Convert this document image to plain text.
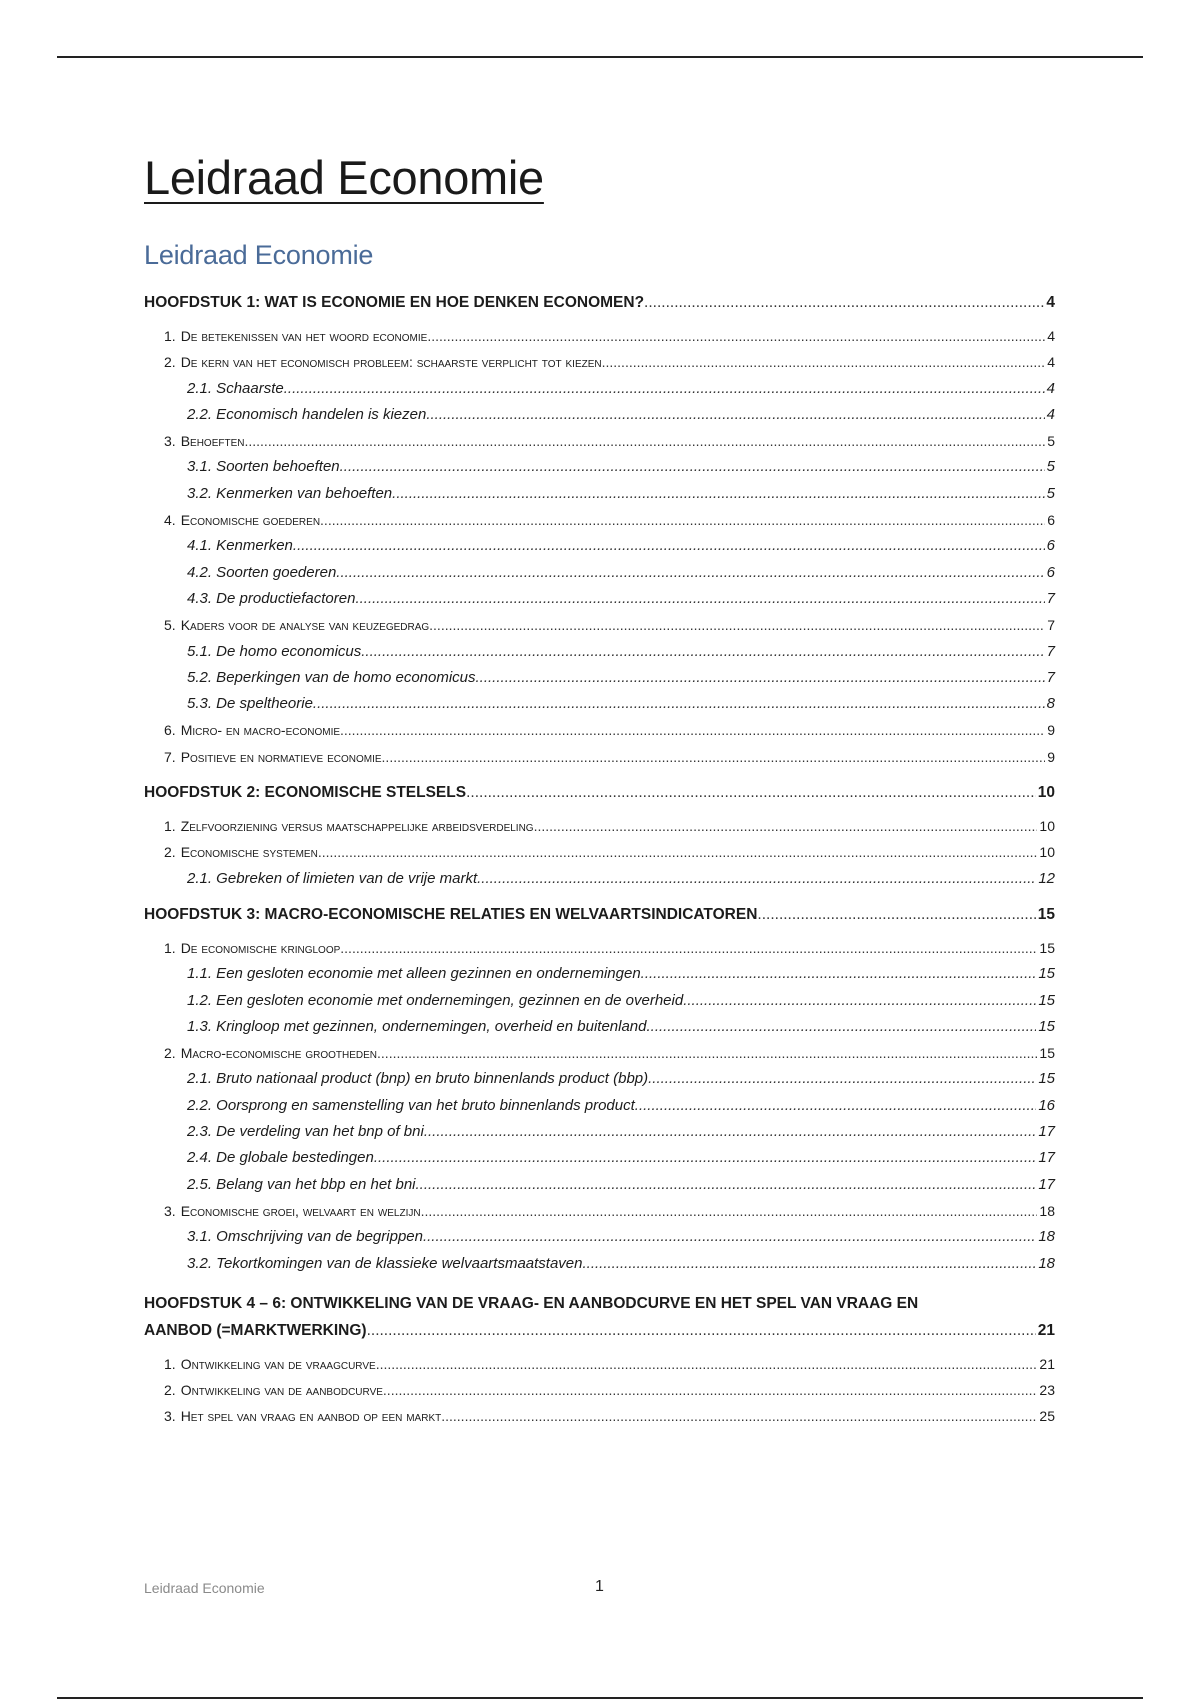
Leidraad Economie
Leidraad Economie
HOOFDSTUK 1: WAT IS ECONOMIE EN HOE DENKEN ECONOMEN? .....	4
1. De betekenissen van het woord economie .....	4
2. De kern van het economisch probleem: schaarste verplicht tot kiezen .....	4
2.1. Schaarste .....	4
2.2. Economisch handelen is kiezen .....	4
3. Behoeften .....	5
3.1. Soorten behoeften .....	5
3.2. Kenmerken van behoeften .....	5
4. Economische goederen .....	6
4.1. Kenmerken .....	6
4.2. Soorten goederen .....	6
4.3. De productiefactoren .....	7
5. Kaders voor de analyse van keuzegedrag .....	7
5.1. De homo economicus .....	7
5.2. Beperkingen van de homo economicus .....	7
5.3. De speltheorie .....	8
6. Micro- en macro-economie .....	9
7. Positieve en normatieve economie .....	9
HOOFDSTUK 2: ECONOMISCHE STELSELS .....	10
1. Zelfvoorziening versus maatschappelijke arbeidsverdeling .....	10
2. Economische systemen .....	10
2.1. Gebreken of limieten van de vrije markt .....	12
HOOFDSTUK 3: MACRO-ECONOMISCHE RELATIES EN WELVAARTSINDICATOREN .....	15
1. De economische kringloop .....	15
1.1. Een gesloten economie met alleen gezinnen en ondernemingen .....	15
1.2. Een gesloten economie met ondernemingen, gezinnen en de overheid .....	15
1.3. Kringloop met gezinnen, ondernemingen, overheid en buitenland. .....	15
2. Macro-economische grootheden .....	15
2.1. Bruto nationaal product (bnp) en bruto binnenlands product (bbp) .....	15
2.2. Oorsprong en samenstelling van het bruto binnenlands product .....	16
2.3. De verdeling van het bnp of bni .....	17
2.4. De globale bestedingen .....	17
2.5. Belang van het bbp en het bni .....	17
3. Economische groei, welvaart en welzijn .....	18
3.1. Omschrijving van de begrippen .....	18
3.2. Tekortkomingen van de klassieke welvaartsmaatstaven .....	18
HOOFDSTUK 4 – 6: ONTWIKKELING VAN DE VRAAG- EN AANBODCURVE EN HET SPEL VAN VRAAG EN
AANBOD (=MARKTWERKING) .....	21
1. Ontwikkeling van de vraagcurve .....	21
2. Ontwikkeling van de aanbodcurve .....	23
3. Het spel van vraag en aanbod op een markt .....	25
Leidraad Economie	1
